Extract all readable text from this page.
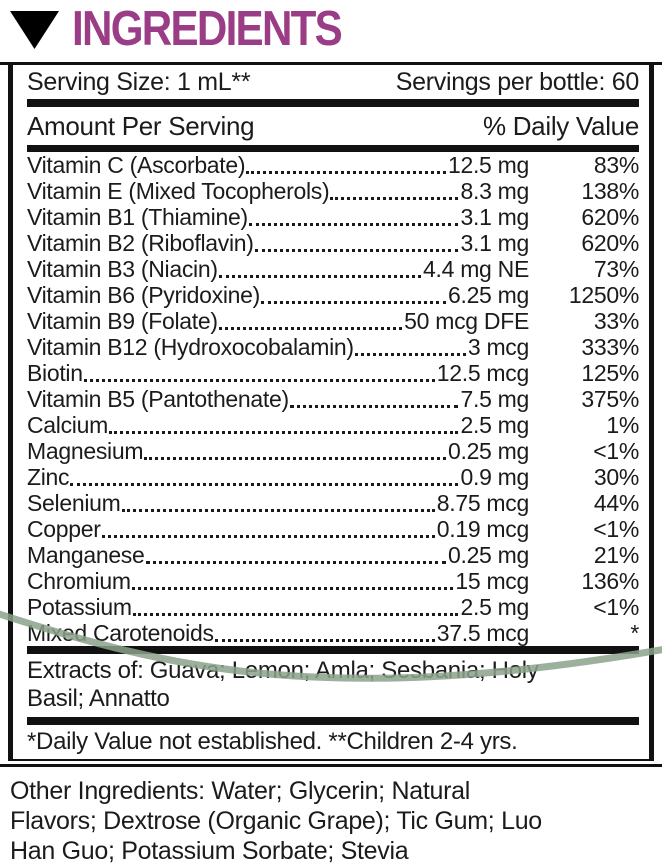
INGREDIENTS
Serving Size: 1 mL**	Servings per bottle: 60
Amount Per Serving	% Daily Value
Vitamin C (Ascorbate)	12.5 mg	83%
Vitamin E (Mixed Tocopherols)	8.3 mg	138%
Vitamin B1 (Thiamine)	3.1 mg	620%
Vitamin B2 (Riboflavin)	3.1 mg	620%
Vitamin B3 (Niacin)	4.4 mg NE	73%
Vitamin B6 (Pyridoxine)	6.25 mg	1250%
Vitamin B9 (Folate)	50 mcg DFE	33%
Vitamin B12 (Hydroxocobalamin)	3 mcg	333%
Biotin	12.5 mcg	125%
Vitamin B5 (Pantothenate)	7.5 mg	375%
Calcium	2.5 mg	1%
Magnesium	0.25 mg	<1%
Zinc	0.9 mg	30%
Selenium	8.75 mcg	44%
Copper	0.19 mcg	<1%
Manganese	0.25 mg	21%
Chromium	15 mcg	136%
Potassium	2.5 mg	<1%
Mixed Carotenoids	37.5 mcg	*
Extracts of: Guava; Lemon; Amla; Sesbania; Holy Basil; Annatto
*Daily Value not established. **Children 2-4 yrs.
Other Ingredients: Water; Glycerin; Natural Flavors; Dextrose (Organic Grape); Tic Gum; Luo Han Guo; Potassium Sorbate; Stevia
